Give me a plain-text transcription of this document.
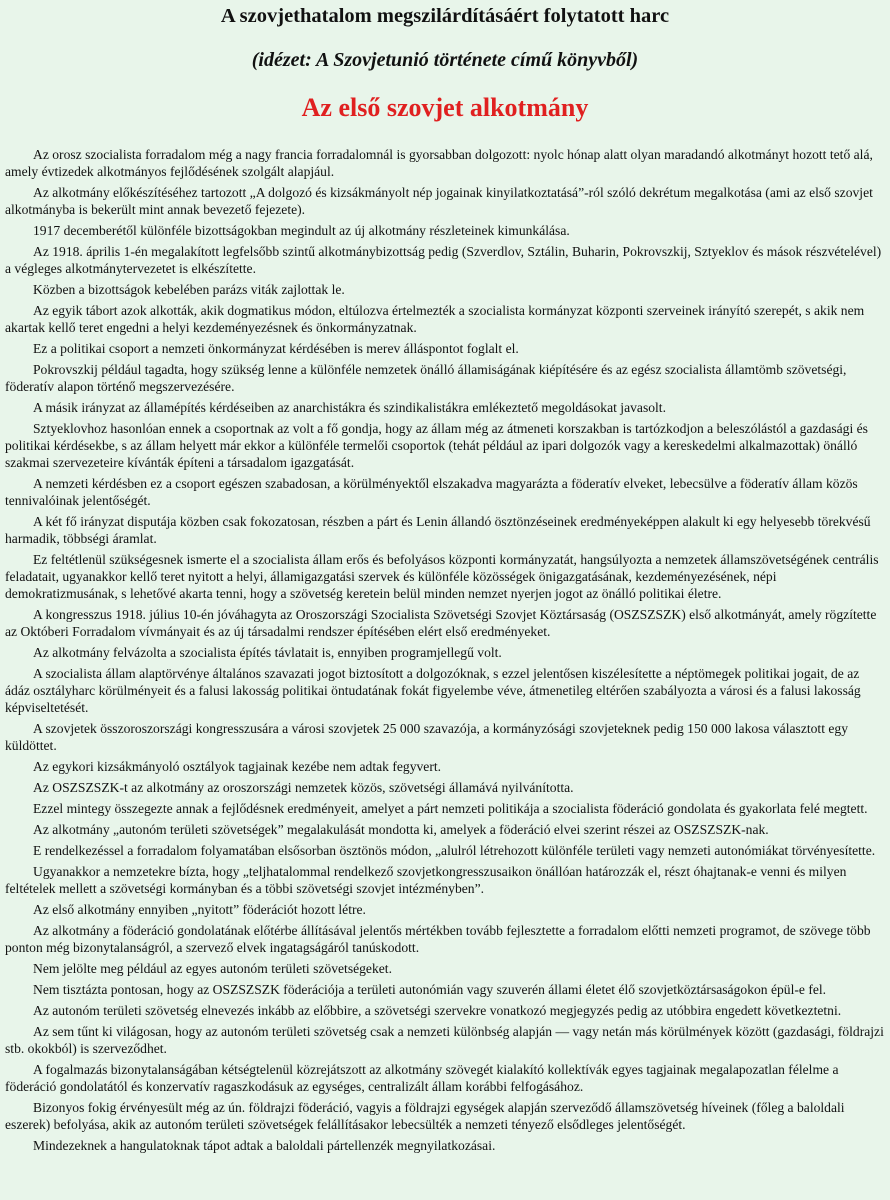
A szovjethatalom megszilárdításáért folytatott harc
(idézet: A Szovjetunió története című könyvből)
Az első szovjet alkotmány

Az orosz szocialista forradalom még a nagy francia forradalomnál is gyorsabban dolgozott: nyolc hónap alatt olyan maradandó alkotmányt hozott tető alá, amely évtizedek alkotmányos fejlődésének szolgált alapjául.

Az alkotmány előkészítéséhez tartozott „A dolgozó és kizsákmányolt nép jogainak kinyilatkoztatásá”-ról szóló dekrétum megalkotása (ami az első szovjet alkotmányba is bekerült mint annak bevezető fejezete).

1917 decemberétől különféle bizottságokban megindult az új alkotmány részleteinek kimunkálása.

Az 1918. április 1-én megalakított legfelsőbb szintű alkotmánybizottság pedig (Szverdlov, Sztálin, Buharin, Pokrovszkij, Sztyeklov és mások részvételével) a végleges alkotmánytervezetet is elkészítette.

Közben a bizottságok kebelében parázs viták zajlottak le.

Az egyik tábort azok alkották, akik dogmatikus módon, eltúlozva értelmezték a szocialista kormányzat központi szerveinek irányító szerepét, s akik nem akartak kellő teret engedni a helyi kezdeményezésnek és önkormányzatnak.

Ez a politikai csoport a nemzeti önkormányzat kérdésében is merev álláspontot foglalt el.

Pokrovszkij például tagadta, hogy szükség lenne a különféle nemzetek önálló államiságának kiépítésére és az egész szocialista államtömb szövetségi, föderatív alapon történő megszervezésére.

A másik irányzat az államépítés kérdéseiben az anarchistákra és szindikalistákra emlékeztető megoldásokat javasolt.

Sztyeklovhoz hasonlóan ennek a csoportnak az volt a fő gondja, hogy az állam még az átmeneti korszakban is tartózkodjon a beleszólástól a gazdasági és politikai kérdésekbe, s az állam helyett már ekkor a különféle termelői csoportok (tehát például az ipari dolgozók vagy a kereskedelmi alkalmazottak) önálló szakmai szervezeteire kívánták építeni a társadalom igazgatását.

A nemzeti kérdésben ez a csoport egészen szabadosan, a körülményektől elszakadva magyarázta a föderatív elveket, lebecsülve a föderatív állam közös tennivalóinak jelentőségét.

A két fő irányzat disputája közben csak fokozatosan, részben a párt és Lenin állandó ösztönzéseinek eredményeképpen alakult ki egy helyesebb törekvésű harmadik, többségi áramlat.

Ez feltétlenül szükségesnek ismerte el a szocialista állam erős és befolyásos központi kormányzatát, hangsúlyozta a nemzetek államszövetségének centrális feladatait, ugyanakkor kellő teret nyitott a helyi, államigazgatási szervek és különféle közösségek önigazgatásának, kezdeményezésének, népi demokratizmusának, s lehetővé akarta tenni, hogy a szövetség keretein belül minden nemzet nyerjen jogot az önálló politikai életre.

A kongresszus 1918. július 10-én jóváhagyta az Oroszországi Szocialista Szövetségi Szovjet Köztársaság (OSZSZSZK) első alkotmányát, amely rögzítette az Októberi Forradalom vívmányait és az új társadalmi rendszer építésében elért első eredményeket.

Az alkotmány felvázolta a szocialista építés távlatait is, ennyiben programjellegű volt.

A szocialista állam alaptörvénye általános szavazati jogot biztosított a dolgozóknak, s ezzel jelentősen kiszélesítette a néptömegek politikai jogait, de az ádáz osztályharc körülményeit és a falusi lakosság politikai öntudatának fokát figyelembe véve, átmenetileg eltérően szabályozta a városi és a falusi lakosság képviseltetését.

A szovjetek összoroszországi kongresszusára a városi szovjetek 25 000 szavazója, a kormányzósági szovjeteknek pedig 150 000 lakosa választott egy küldöttet.

Az egykori kizsákmányoló osztályok tagjainak kezébe nem adtak fegyvert.

Az OSZSZSZK-t az alkotmány az oroszországi nemzetek közös, szövetségi államává nyilvánította.

Ezzel mintegy összegezte annak a fejlődésnek eredményeit, amelyet a párt nemzeti politikája a szocialista föderáció gondolata és gyakorlata felé megtett.

Az alkotmány „autonóm területi szövetségek” megalakulását mondotta ki, amelyek a föderáció elvei szerint részei az OSZSZSZK-nak.

E rendelkezéssel a forradalom folyamatában elsősorban ösztönös módon, „alulról létrehozott különféle területi vagy nemzeti autonómiákat törvényesítette.

Ugyanakkor a nemzetekre bízta, hogy „teljhatalommal rendelkező szovjetkongresszusaikon önállóan határozzák el, részt óhajtanak-e venni és milyen feltételek mellett a szövetségi kormányban és a többi szövetségi szovjet intézményben”.

Az első alkotmány ennyiben „nyitott” föderációt hozott létre.

Az alkotmány a föderáció gondolatának előtérbe állításával jelentős mértékben tovább fejlesztette a forradalom előtti nemzeti programot, de szövege több ponton még bizonytalanságról, a szervező elvek ingatagságáról tanúskodott.

Nem jelölte meg például az egyes autonóm területi szövetségeket.

Nem tisztázta pontosan, hogy az OSZSZSZK föderációja a területi autonómián vagy szuverén állami életet élő szovjetköztársaságokon épül-e fel.

Az autonóm területi szövetség elnevezés inkább az előbbire, a szövetségi szervekre vonatkozó megjegyzés pedig az utóbbira engedett következtetni.

Az sem tűnt ki világosan, hogy az autonóm területi szövetség csak a nemzeti különbség alapján — vagy netán más körülmények között (gazdasági, földrajzi stb. okokból) is szerveződhet.

A fogalmazás bizonytalanságában kétségtelenül közrejátszott az alkotmány szövegét kialakító kollektívák egyes tagjainak megalapozatlan félelme a föderáció gondolatától és konzervatív ragaszkodásuk az egységes, centralizált állam korábbi felfogásához.

Bizonyos fokig érvényesült még az ún. földrajzi föderáció, vagyis a földrajzi egységek alapján szerveződő államszövetség híveinek (főleg a baloldali eszerek) befolyása, akik az autonóm területi szövetségek felállításakor lebecsülték a nemzeti tényező elsődleges jelentőségét.

Mindezeknek a hangulatoknak tápot adtak a baloldali pártellenzék megnyilatkozásai.
